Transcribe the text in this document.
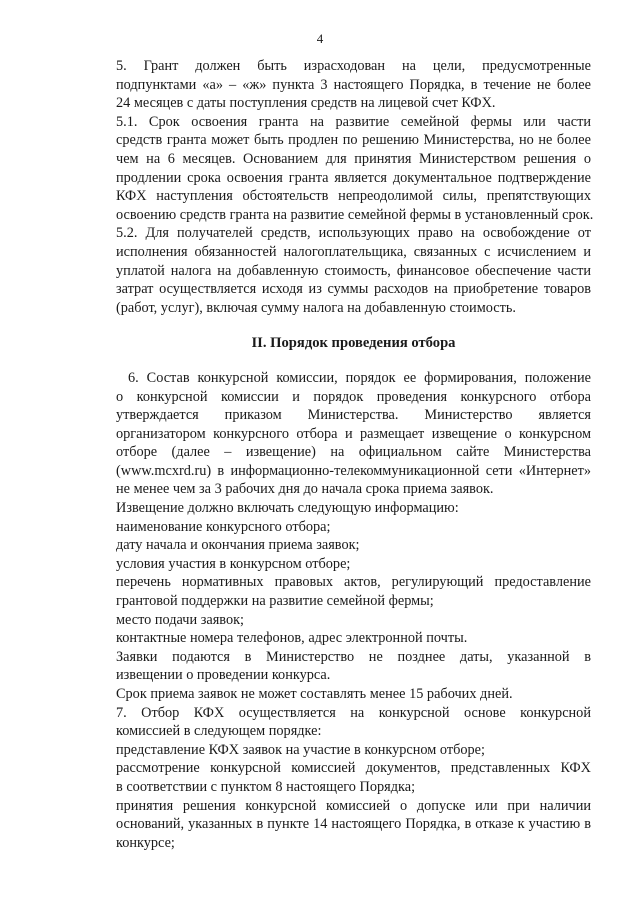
4
5. Грант должен быть израсходован на цели, предусмотренные
подпунктами «а» – «ж» пункта 3 настоящего Порядка, в течение не более
24 месяцев с даты поступления средств на лицевой счет КФХ.
5.1. Срок освоения гранта на развитие семейной фермы или части
средств гранта может быть продлен по решению Министерства, но не более
чем на 6 месяцев. Основанием для принятия Министерством решения о
продлении срока освоения гранта является документальное подтверждение
КФХ наступления обстоятельств непреодолимой силы, препятствующих
освоению средств гранта на развитие семейной фермы в установленный срок.
5.2. Для получателей средств, использующих право на освобождение от
исполнения обязанностей налогоплательщика, связанных с исчислением и
уплатой налога на добавленную стоимость, финансовое обеспечение части
затрат осуществляется исходя из суммы расходов на приобретение товаров
(работ, услуг), включая сумму налога на добавленную стоимость.

II. Порядок проведения отбора

6. Состав конкурсной комиссии, порядок ее формирования, положение
о конкурсной комиссии и порядок проведения конкурсного отбора
утверждается приказом Министерства. Министерство является
организатором конкурсного отбора и размещает извещение о конкурсном
отборе (далее – извещение) на официальном сайте Министерства
(www.mcxrd.ru) в информационно-телекоммуникационной сети «Интернет»
не менее чем за 3 рабочих дня до начала срока приема заявок.
Извещение должно включать следующую информацию:
наименование конкурсного отбора;
дату начала и окончания приема заявок;
условия участия в конкурсном отборе;
перечень нормативных правовых актов, регулирующий предоставление
грантовой поддержки на развитие семейной фермы;
место подачи заявок;
контактные номера телефонов, адрес электронной почты.
Заявки подаются в Министерство не позднее даты, указанной в
извещении о проведении конкурса.
Срок приема заявок не может составлять менее 15 рабочих дней.
7. Отбор КФХ осуществляется на конкурсной основе конкурсной
комиссией в следующем порядке:
представление КФХ заявок на участие в конкурсном отборе;
рассмотрение конкурсной комиссией документов, представленных КФХ
в соответствии с пунктом 8 настоящего Порядка;
принятия решения конкурсной комиссией о допуске или при наличии
оснований, указанных в пункте 14 настоящего Порядка, в отказе к участию в
конкурсе;
